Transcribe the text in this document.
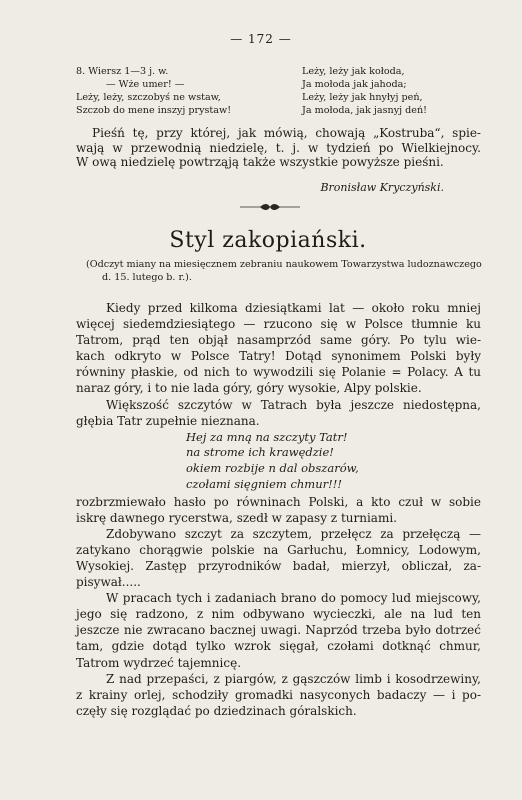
— 172 —
8. Wiersz 1—3 j. w.
— Wże umer! —
Leży, leży, szczobyś ne wstaw,
Szczob do mene inszyj prystaw!
Leży, leży jak kołoda,
Ja mołoda jak jahoda;
Leży, leży jak hnyłyj peń,
Ja mołoda, jak jasnyj deń!
Pieśń tę, przy której, jak mówią, chowają „Kostruba“, spie-
wają w przewodnią niedzielę, t. j. w tydzień po Wielkiejnocy.
W ową niedzielę powtrząją także wszystkie powyższe pieśni.
Bronisław Kryczyński.
Styl zakopiański.
(Odczyt miany na miesięcznem zebraniu naukowem Towarzystwa ludoznawczego
d. 15. lutego b. r.).
Kiedy przed kilkoma dziesiątkami lat — około roku mniej
więcej siedemdziesiątego — rzucono się w Polsce tłumnie ku
Tatrom, prąd ten objął nasamprzód same góry. Po tylu wie-
kach odkryto w Polsce Tatry! Dotąd synonimem Polski były
równiny płaskie, od nich to wywodzili się Polanie = Polacy. A tu
naraz góry, i to nie lada góry, góry wysokie, Alpy polskie.
Większość szczytów w Tatrach była jeszcze niedostępna,
głębia Tatr zupełnie nieznana.
Hej za mną na szczyty Tatr!
na strome ich krawędzie!
okiem rozbije n dal obszarów,
czołami sięgniem chmur!!!
rozbrzmiewało hasło po równinach Polski, a kto czuł w sobie
iskrę dawnego rycerstwa, szedł w zapasy z turniami.
Zdobywano szczyt za szczytem, przełęcz za przełęczą —
zatykano chorągwie polskie na Garłuchu, Łomnicy, Lodowym,
Wysokiej. Zastęp przyrodników badał, mierzył, obliczał, za-
pisywał.....
W pracach tych i zadaniach brano do pomocy lud miejscowy,
jego się radzono, z nim odbywano wycieczki, ale na lud ten
jeszcze nie zwracano bacznej uwagi. Naprzód trzeba było dotrzeć
tam, gdzie dotąd tylko wzrok sięgał, czołami dotknąć chmur,
Tatrom wydrzeć tajemnicę.
Z nad przepaści, z piargów, z gąszczów limb i kosodrzewiny,
z krainy orlej, schodziły gromadki nasyconych badaczy — i po-
częły się rozglądać po dziedzinach góralskich.
